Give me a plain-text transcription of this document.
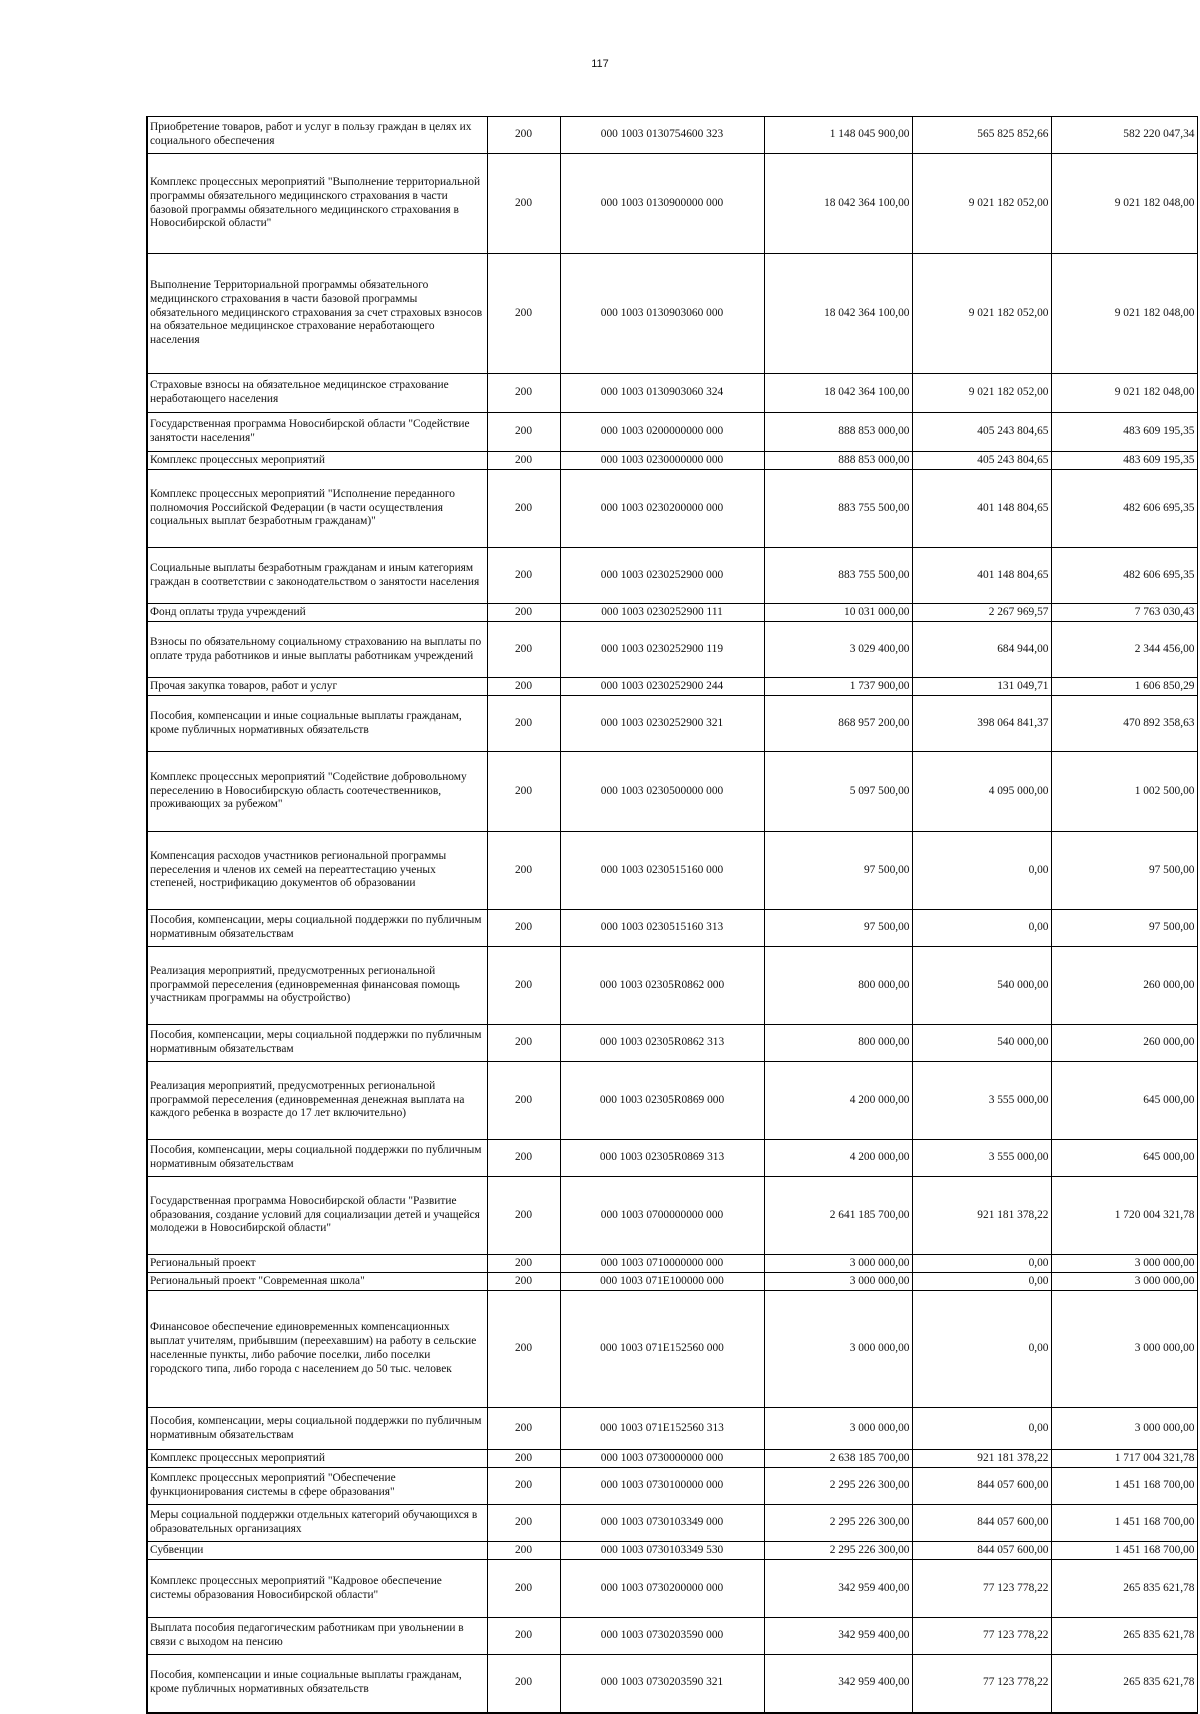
117
Приобретение товаров, работ и услуг в пользу граждан в целях их социального обеспечения	200	000 1003 0130754600 323	1 148 045 900,00	565 825 852,66	582 220 047,34
Комплекс процессных мероприятий "Выполнение территориальной программы обязательного медицинского страхования в части базовой программы обязательного медицинского страхования в Новосибирской области"	200	000 1003 0130900000 000	18 042 364 100,00	9 021 182 052,00	9 021 182 048,00
Выполнение Территориальной программы обязательного медицинского страхования в части базовой программы обязательного медицинского страхования за счет страховых взносов на обязательное медицинское страхование неработающего населения	200	000 1003 0130903060 000	18 042 364 100,00	9 021 182 052,00	9 021 182 048,00
Страховые взносы на обязательное медицинское страхование неработающего населения	200	000 1003 0130903060 324	18 042 364 100,00	9 021 182 052,00	9 021 182 048,00
Государственная программа Новосибирской области "Содействие занятости населения"	200	000 1003 0200000000 000	888 853 000,00	405 243 804,65	483 609 195,35
Комплекс процессных мероприятий	200	000 1003 0230000000 000	888 853 000,00	405 243 804,65	483 609 195,35
Комплекс процессных мероприятий "Исполнение переданного полномочия Российской Федерации (в части осуществления социальных выплат безработным гражданам)"	200	000 1003 0230200000 000	883 755 500,00	401 148 804,65	482 606 695,35
Социальные выплаты безработным гражданам и иным категориям граждан в соответствии с законодательством о занятости населения	200	000 1003 0230252900 000	883 755 500,00	401 148 804,65	482 606 695,35
Фонд оплаты труда учреждений	200	000 1003 0230252900 111	10 031 000,00	2 267 969,57	7 763 030,43
Взносы по обязательному социальному страхованию на выплаты по оплате труда работников и иные выплаты работникам учреждений	200	000 1003 0230252900 119	3 029 400,00	684 944,00	2 344 456,00
Прочая закупка товаров, работ и услуг	200	000 1003 0230252900 244	1 737 900,00	131 049,71	1 606 850,29
Пособия, компенсации и иные социальные выплаты гражданам, кроме публичных нормативных обязательств	200	000 1003 0230252900 321	868 957 200,00	398 064 841,37	470 892 358,63
Комплекс процессных мероприятий "Содействие добровольному переселению в Новосибирскую область соотечественников, проживающих за рубежом"	200	000 1003 0230500000 000	5 097 500,00	4 095 000,00	1 002 500,00
Компенсация расходов участников региональной программы переселения и членов их семей на переаттестацию ученых степеней, нострификацию документов об образовании	200	000 1003 0230515160 000	97 500,00	0,00	97 500,00
Пособия, компенсации, меры социальной поддержки по публичным нормативным обязательствам	200	000 1003 0230515160 313	97 500,00	0,00	97 500,00
Реализация мероприятий, предусмотренных региональной программой переселения (единовременная финансовая помощь участникам программы на обустройство)	200	000 1003 02305R0862 000	800 000,00	540 000,00	260 000,00
Пособия, компенсации, меры социальной поддержки по публичным нормативным обязательствам	200	000 1003 02305R0862 313	800 000,00	540 000,00	260 000,00
Реализация мероприятий, предусмотренных региональной программой переселения (единовременная денежная выплата на каждого ребенка в возрасте до 17 лет включительно)	200	000 1003 02305R0869 000	4 200 000,00	3 555 000,00	645 000,00
Пособия, компенсации, меры социальной поддержки по публичным нормативным обязательствам	200	000 1003 02305R0869 313	4 200 000,00	3 555 000,00	645 000,00
Государственная программа Новосибирской области "Развитие образования, создание условий для социализации детей и учащейся молодежи в Новосибирской области"	200	000 1003 0700000000 000	2 641 185 700,00	921 181 378,22	1 720 004 321,78
Региональный проект	200	000 1003 0710000000 000	3 000 000,00	0,00	3 000 000,00
Региональный проект "Современная школа"	200	000 1003 071E100000 000	3 000 000,00	0,00	3 000 000,00
Финансовое обеспечение единовременных компенсационных выплат учителям, прибывшим (переехавшим) на работу в сельские населенные пункты, либо рабочие поселки, либо поселки городского типа, либо города с населением до 50 тыс. человек	200	000 1003 071E152560 000	3 000 000,00	0,00	3 000 000,00
Пособия, компенсации, меры социальной поддержки по публичным нормативным обязательствам	200	000 1003 071E152560 313	3 000 000,00	0,00	3 000 000,00
Комплекс процессных мероприятий	200	000 1003 0730000000 000	2 638 185 700,00	921 181 378,22	1 717 004 321,78
Комплекс процессных мероприятий "Обеспечение функционирования системы в сфере образования"	200	000 1003 0730100000 000	2 295 226 300,00	844 057 600,00	1 451 168 700,00
Меры социальной поддержки отдельных категорий обучающихся в образовательных организациях	200	000 1003 0730103349 000	2 295 226 300,00	844 057 600,00	1 451 168 700,00
Субвенции	200	000 1003 0730103349 530	2 295 226 300,00	844 057 600,00	1 451 168 700,00
Комплекс процессных мероприятий "Кадровое обеспечение системы образования Новосибирской области"	200	000 1003 0730200000 000	342 959 400,00	77 123 778,22	265 835 621,78
Выплата пособия педагогическим работникам при увольнении в связи с выходом на пенсию	200	000 1003 0730203590 000	342 959 400,00	77 123 778,22	265 835 621,78
Пособия, компенсации и иные социальные выплаты гражданам, кроме публичных нормативных обязательств	200	000 1003 0730203590 321	342 959 400,00	77 123 778,22	265 835 621,78
